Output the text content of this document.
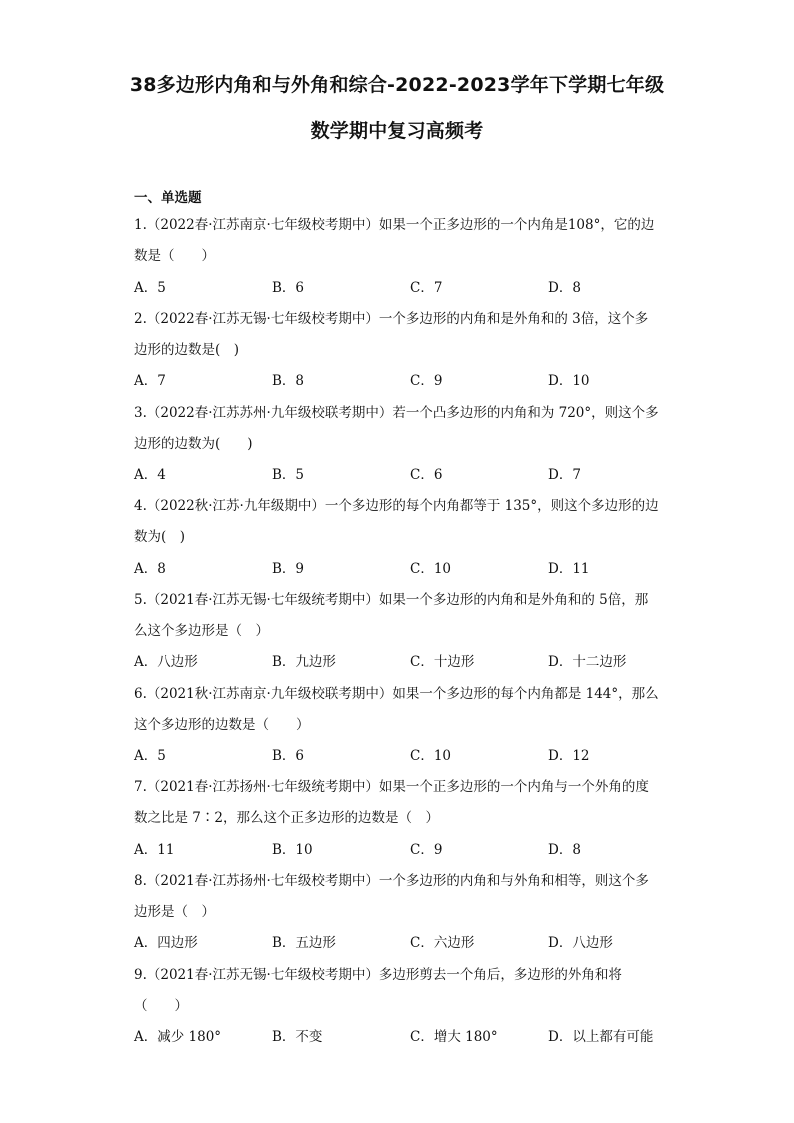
38多边形内角和与外角和综合-2022-2023学年下学期七年级
数学期中复习高频考
一、单选题
1.（2022春·江苏南京·七年级校考期中）如果一个正多边形的一个内角是108°，它的边
数是（　　）
A．5	B．6	C．7	D．8
2.（2022春·江苏无锡·七年级校考期中）一个多边形的内角和是外角和的 3倍，这个多
边形的边数是(　)
A．7	B．8	C．9	D．10
3.（2022春·江苏苏州·九年级校联考期中）若一个凸多边形的内角和为 720°，则这个多
边形的边数为(　　)
A．4	B．5	C．6	D．7
4.（2022秋·江苏·九年级期中）一个多边形的每个内角都等于 135°，则这个多边形的边
数为(　)
A．8	B．9	C．10	D．11
5.（2021春·江苏无锡·七年级统考期中）如果一个多边形的内角和是外角和的 5倍，那
么这个多边形是（　）
A．八边形	B．九边形	C．十边形	D．十二边形
6.（2021秋·江苏南京·九年级校联考期中）如果一个多边形的每个内角都是 144°，那么
这个多边形的边数是（　　）
A．5	B．6	C．10	D．12
7.（2021春·江苏扬州·七年级统考期中）如果一个正多边形的一个内角与一个外角的度
数之比是 7∶2，那么这个正多边形的边数是（　）
A．11	B．10	C．9	D．8
8.（2021春·江苏扬州·七年级校考期中）一个多边形的内角和与外角和相等，则这个多
边形是（　）
A．四边形	B．五边形	C．六边形	D．八边形
9.（2021春·江苏无锡·七年级校考期中）多边形剪去一个角后，多边形的外角和将
（　　）
A．减少 180°	B．不变	C．增大 180°	D．以上都有可能
